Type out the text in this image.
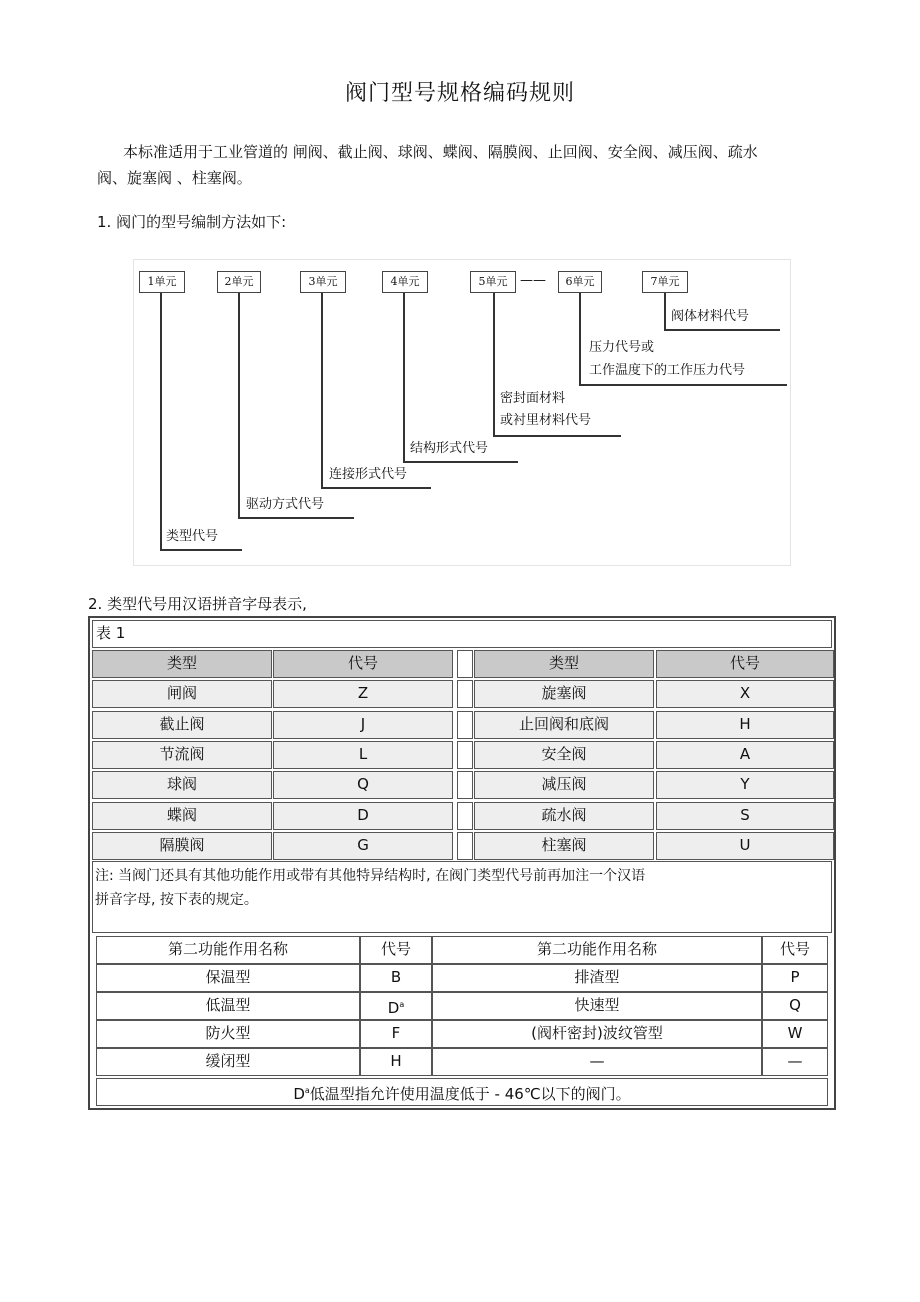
阀门型号规格编码规则
本标准适用于工业管道的 闸阀、截止阀、球阀、蝶阀、隔膜阀、止回阀、安全阀、减压阀、疏水阀、旋塞阀 、柱塞阀。
1. 阀门的型号编制方法如下:
1单元	2单元	3单元	4单元	5单元 ——	6单元	7单元
类型代号
驱动方式代号
连接形式代号
结构形式代号
密封面材料
或衬里材料代号
压力代号或
工作温度下的工作压力代号
阀体材料代号
2. 类型代号用汉语拼音字母表示,
表 1
类型	代号	类型	代号
闸阀	Z	旋塞阀	X
截止阀	J	止回阀和底阀	H
节流阀	L	安全阀	A
球阀	Q	减压阀	Y
蝶阀	D	疏水阀	S
隔膜阀	G	柱塞阀	U
注: 当阀门还具有其他功能作用或带有其他特异结构时, 在阀门类型代号前再加注一个汉语
拼音字母, 按下表的规定。
第二功能作用名称	代号	第二功能作用名称	代号
保温型	B	排渣型	P
低温型	$D^a$	快速型	Q
防火型	F	(阀杆密封)波纹管型	W
缓闭型	H	—	—
$D^a$低温型指允许使用温度低于 - 46℃以下的阀门。
